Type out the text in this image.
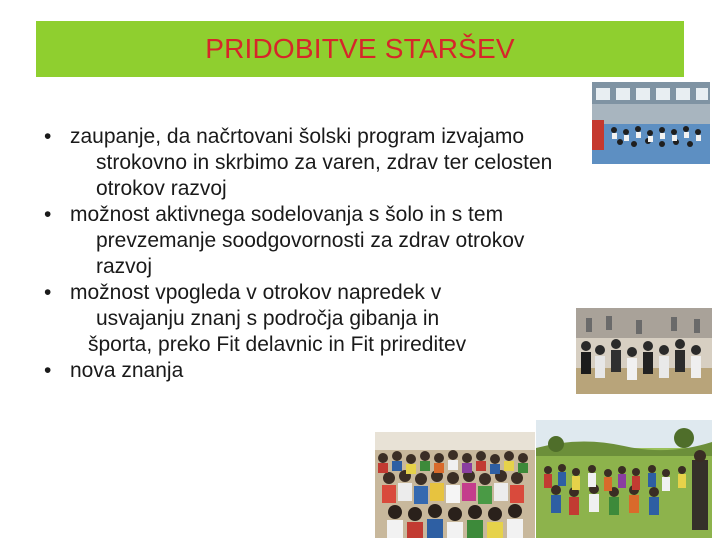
PRIDOBITVE STARŠEV
• zaupanje, da načrtovani šolski program izvajamo
strokovno in skrbimo za varen, zdrav ter celosten
otrokov razvoj
• možnost aktivnega sodelovanja s šolo in s tem
prevzemanje soodgovornosti za zdrav otrokov
razvoj
• možnost vpogleda v otrokov napredek v
usvajanju znanj s področja gibanja in
športa, preko Fit delavnic in Fit prireditev
• nova znanja
